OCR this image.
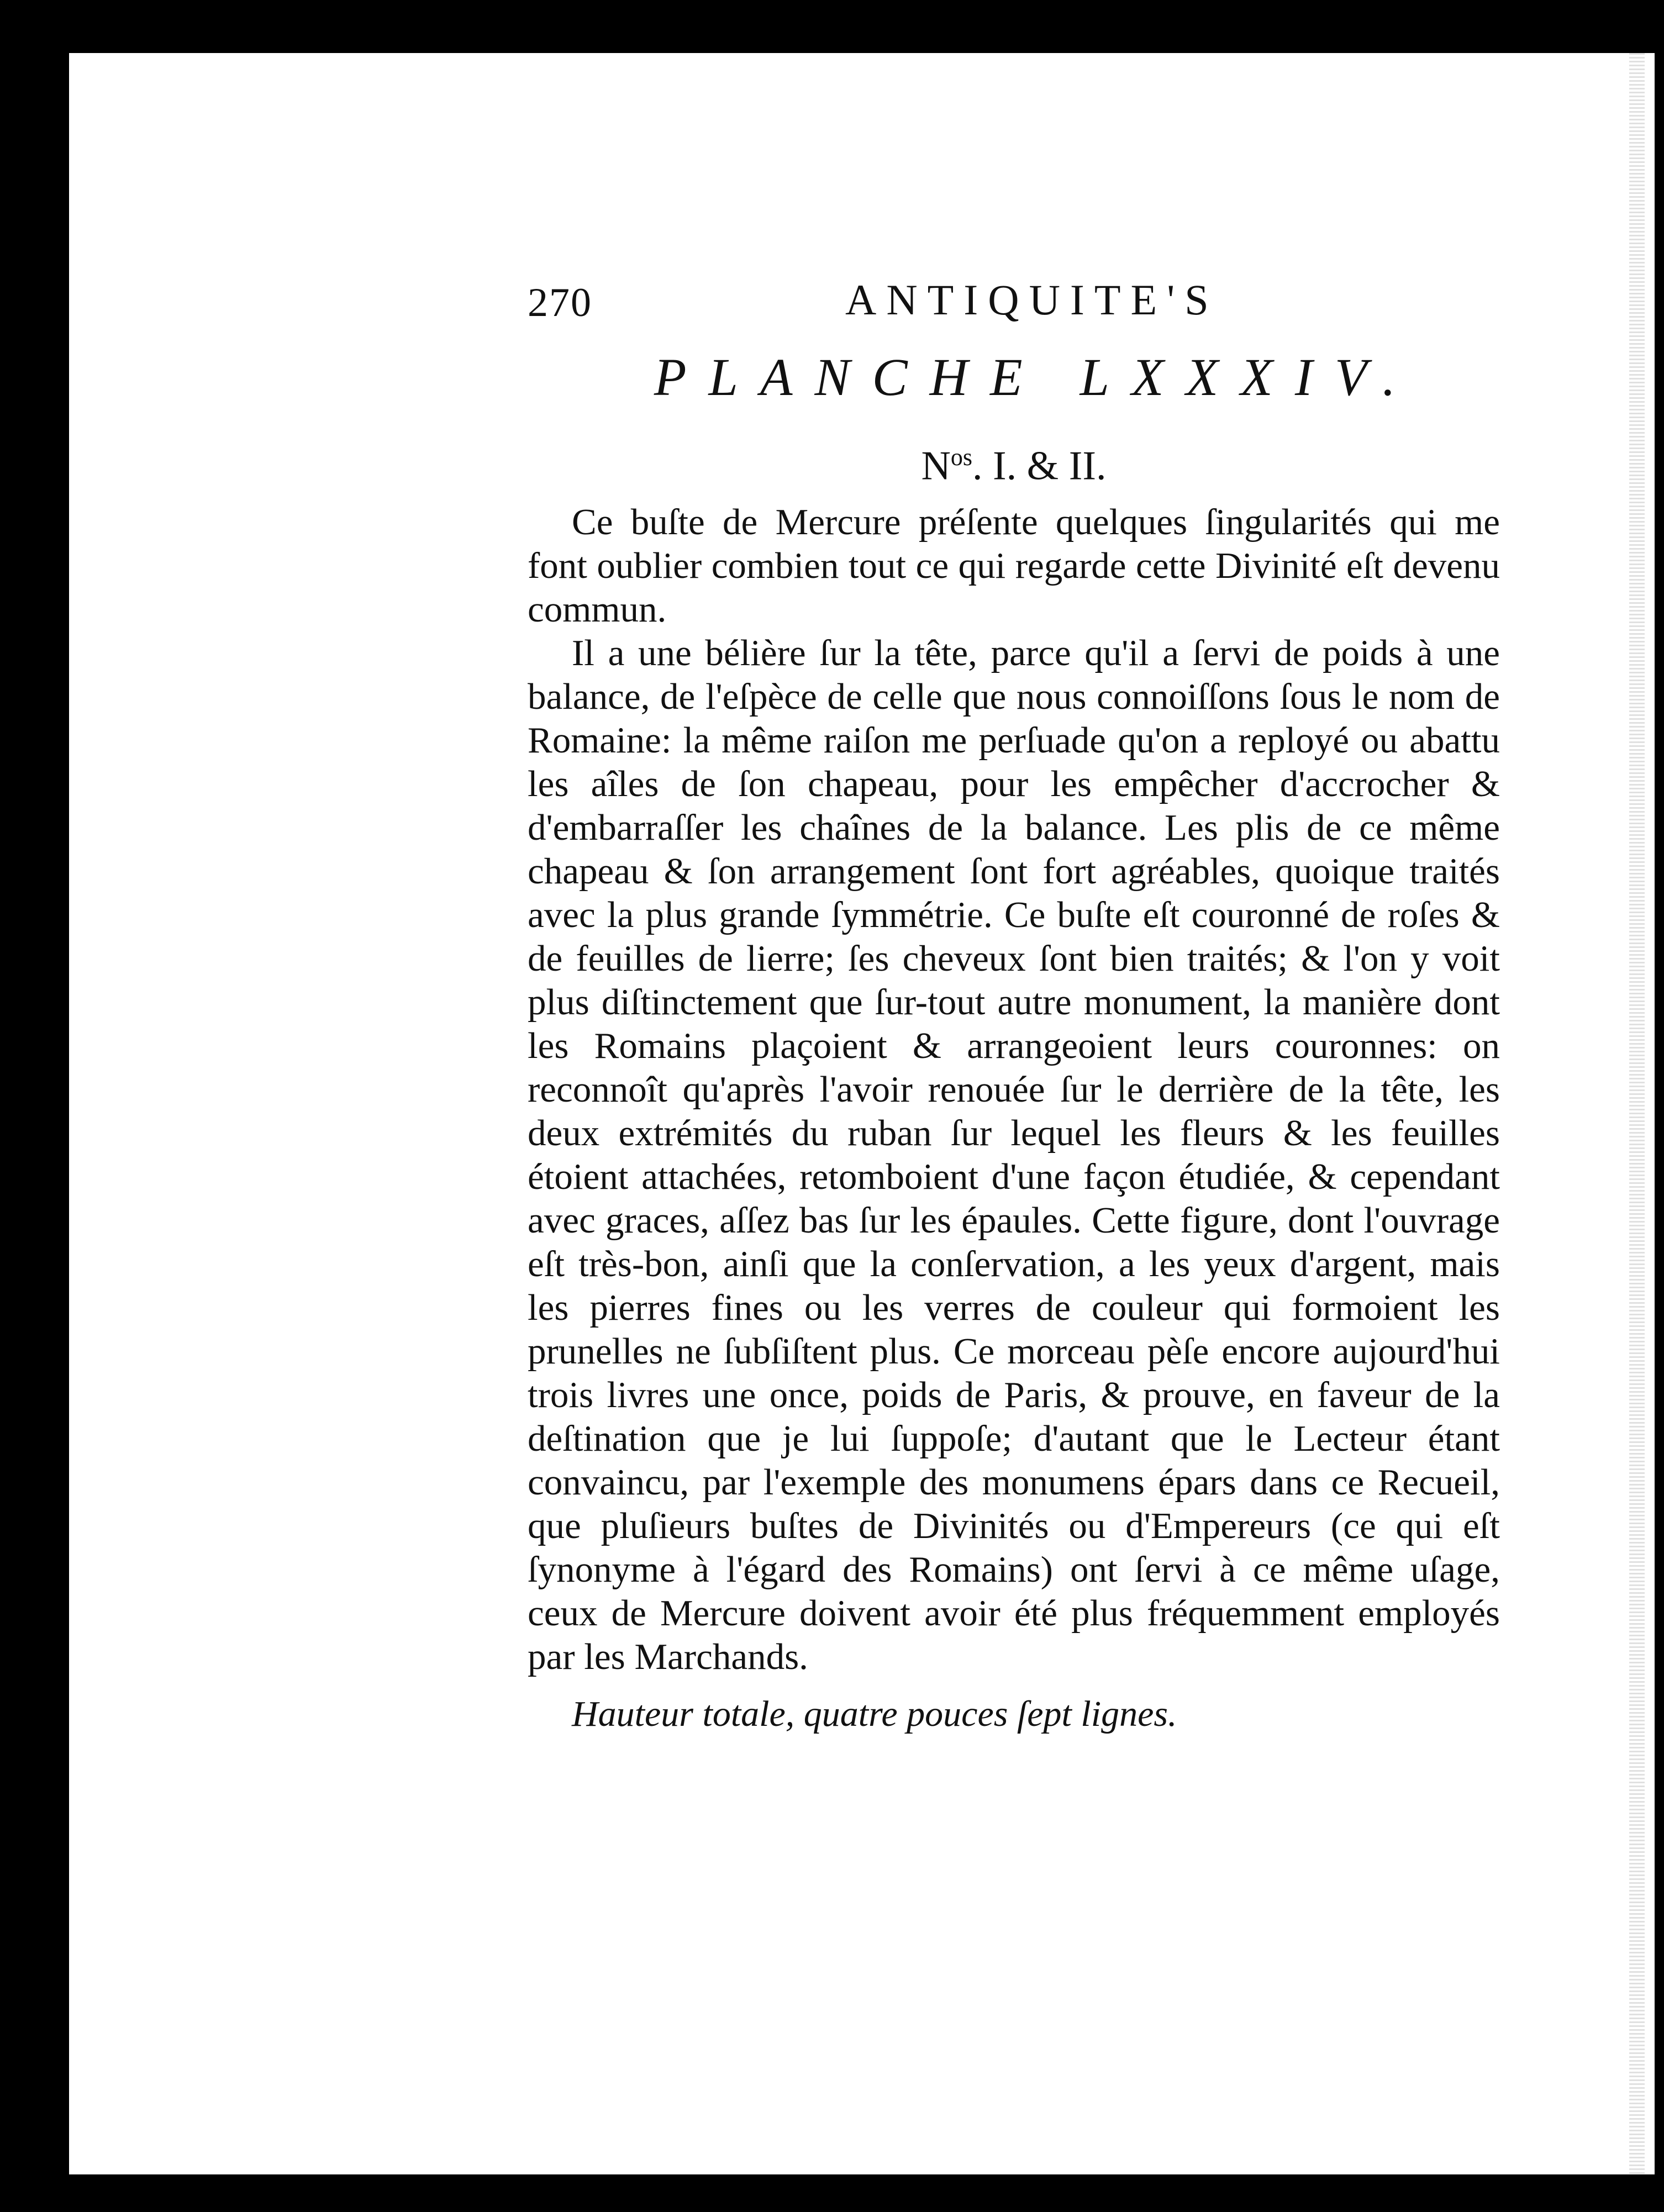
270	ANTIQUITE'S
PLANCHE LXXXIV.
$N^{os}$. I. & II.

Ce buſte de Mercure préſente quelques ſingularités qui me font oublier combien tout ce qui regarde cette Divinité eſt devenu commun.

Il a une bélière ſur la tête, parce qu'il a ſervi de poids à une balance, de l'eſpèce de celle que nous connoiſſons ſous le nom de Romaine: la même raiſon me perſuade qu'on a reployé ou abattu les aîles de ſon chapeau, pour les empêcher d'accrocher & d'embarraſſer les chaînes de la balance. Les plis de ce même chapeau & ſon arrangement ſont fort agréables, quoique traités avec la plus grande ſymmétrie. Ce buſte eſt couronné de roſes & de feuilles de lierre; ſes cheveux ſont bien traités; & l'on y voit plus diſtinctement que ſur-tout autre monument, la manière dont les Romains plaçoient & arrangeoient leurs couronnes: on reconnoît qu'après l'avoir renouée ſur le derrière de la tête, les deux extrémités du ruban ſur lequel les fleurs & les feuilles étoient attachées, retomboient d'une façon étudiée, & cependant avec graces, aſſez bas ſur les épaules. Cette figure, dont l'ouvrage eſt très-bon, ainſi que la conſervation, a les yeux d'argent, mais les pierres fines ou les verres de couleur qui formoient les prunelles ne ſubſiſtent plus. Ce morceau pèſe encore aujourd'hui trois livres une once, poids de Paris, & prouve, en faveur de la deſtination que je lui ſuppoſe; d'autant que le Lecteur étant convaincu, par l'exemple des monumens épars dans ce Recueil, que pluſieurs buſtes de Divinités ou d'Empereurs (ce qui eſt ſynonyme à l'égard des Romains) ont ſervi à ce même uſage, ceux de Mercure doivent avoir été plus fréquemment employés par les Marchands.

Hauteur totale, quatre pouces ſept lignes.
